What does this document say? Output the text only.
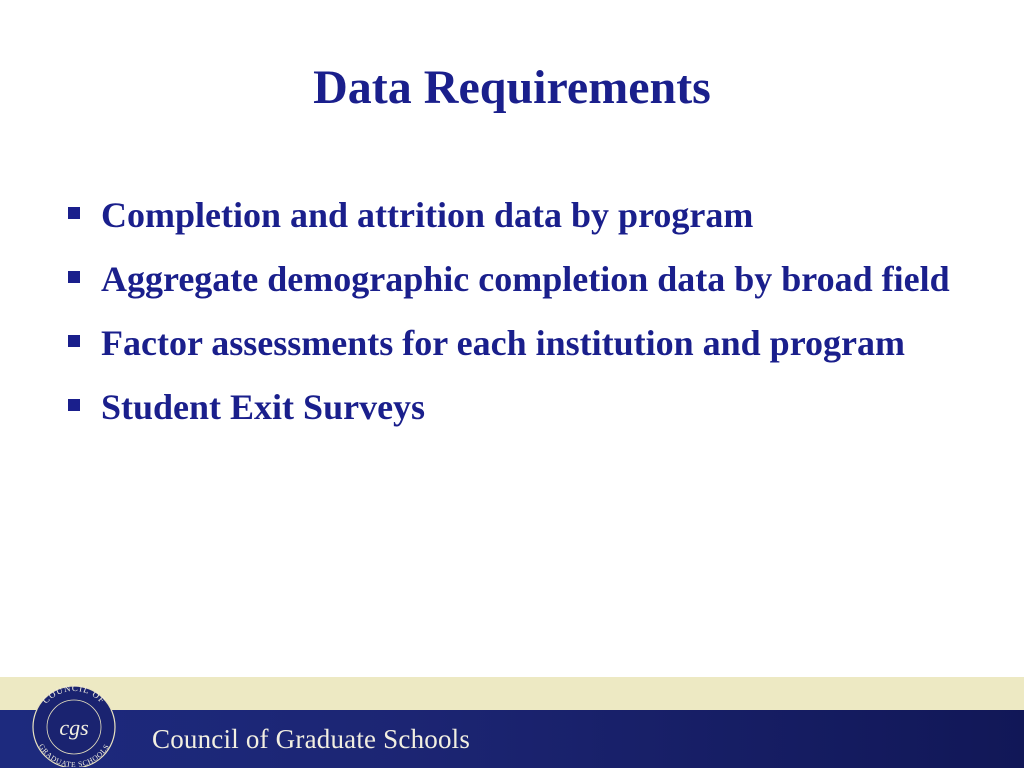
Data Requirements
Completion and attrition data by program
Aggregate demographic completion data by broad field
Factor assessments for each institution and program
Student Exit Surveys
COUNCIL OF
GRADUATE SCHOOLS
cgs Council of Graduate Schools
